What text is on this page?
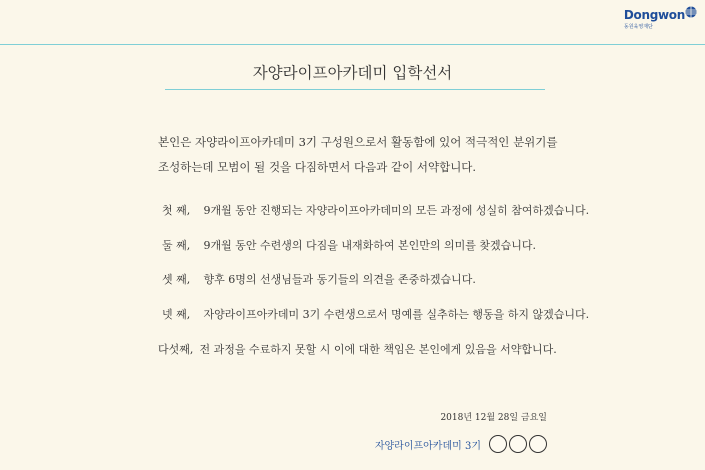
Dongwon
동원육영재단
자양라이프아카데미 입학선서
본인은 자양라이프아카데미 3기 구성원으로서 활동함에 있어 적극적인 분위기를
조성하는데 모범이 될 것을 다짐하면서 다음과 같이 서약합니다.
첫 째, 9개월 동안 진행되는 자양라이프아카데미의 모든 과정에 성실히 참여하겠습니다.
둘 째, 9개월 동안 수련생의 다짐을 내재화하여 본인만의 의미를 찾겠습니다.
셋 째, 향후 6명의 선생님들과 동기들의 의견을 존중하겠습니다.
넷 째, 자양라이프아카데미 3기 수련생으로서 명예를 실추하는 행동을 하지 않겠습니다.
다섯째, 전 과정을 수료하지 못할 시 이에 대한 책임은 본인에게 있음을 서약합니다.
2018년 12월 28일 금요일
자양라이프아카데미 3기
